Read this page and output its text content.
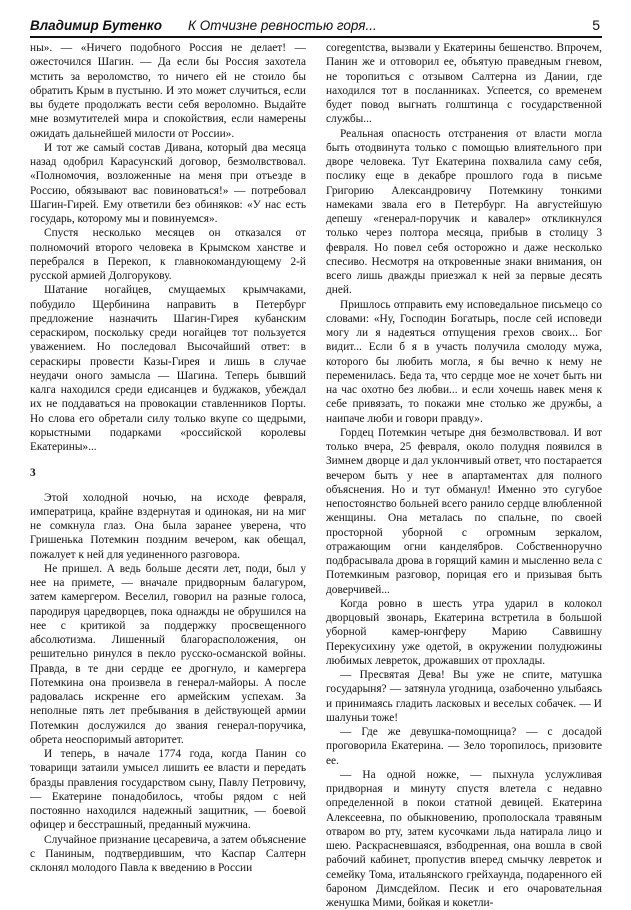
Владимир Бутенко К Отчизне ревностью горя...	5

ны». — «Ничего подобного Россия не делает! — ожесточился Шагин. — Да если бы Россия захотела мстить за вероломство, то ничего ей не стоило бы обратить Крым в пустыню. И это может случиться, если вы будете продолжать вести себя вероломно. Выдайте мне возмутителей мира и спокойствия, если намерены ожидать дальнейшей милости от России».

И тот же самый состав Дивана, который два месяца назад одобрил Карасунский договор, безмолвствовал. «Полномочия, возложенные на меня при отъезде в Россию, обязывают вас повиноваться!» — потребовал Шагин-Гирей. Ему ответили без обиняков: «У нас есть государь, которому мы и повинуемся».

Спустя несколько месяцев он отказался от полномочий второго человека в Крымском ханстве и перебрался в Перекоп, к главнокомандующему 2-й русской армией Долгорукову.

Шатание ногайцев, смущаемых крымчаками, побудило Щербинина направить в Петербург предложение назначить Шагин-Гирея кубанским сераскиром, поскольку среди ногайцев тот пользуется уважением. Но последовал Высочайший ответ: в сераскиры провести Казы-Гирея и лишь в случае неудачи оного замысла — Шагина. Теперь бывший калга находился среди едисанцев и буджаков, убеждал их не поддаваться на провокации ставленников Порты. Но слова его обретали силу только вкупе со щедрыми, корыстными подарками «российской королевы Екатерины»...

3

Этой холодной ночью, на исходе февраля, императрица, крайне вздернутая и одинокая, ни на миг не сомкнула глаз. Она была заранее уверена, что Гришенька Потемкин поздним вечером, как обещал, пожалует к ней для уединенного разговора.

Не пришел. А ведь больше десяти лет, поди, был у нее на примете, — вначале придворным балагуром, затем камергером. Веселил, говорил на разные голоса, пародируя царедворцев, пока однажды не обрушился на нее с критикой за поддержку просвещенного абсолютизма. Лишенный благорасположения, он решительно ринулся в пекло русско-османской войны. Правда, в те дни сердце ее дрогнуло, и камергера Потемкина она произвела в генерал-майоры. А после радовалась искренне его армейским успехам. За неполные пять лет пребывания в действующей армии Потемкин дослужился до звания генерал-поручика, обрета неоспоримый авторитет.

И теперь, в начале 1774 года, когда Панин со товарищи затаили умысел лишить ее власти и передать бразды правления государством сыну, Павлу Петровичу, — Екатерине понадобилось, чтобы рядом с ней постоянно находился надежный защитник, — боевой офицер и бесстрашный, преданный мужчина.

Случайное признание цесаревича, а затем объяснение с Паниным, подтвердившим, что Каспар Салтерн склонял молодого Павла к введению в России

соregentства, вызвали у Екатерины бешенство. Впрочем, Панин же и отговорил ее, объятую праведным гневом, не торопиться с отзывом Салтерна из Дании, где находился тот в посланниках. Успеется, со временем будет повод выгнать голштинца с государственной службы...

Реальная опасность отстранения от власти могла быть отодвинута только с помощью влиятельного при дворе человека. Тут Екатерина похвалила саму себя, послику еще в декабре прошлого года в письме Григорию Александровичу Потемкину тонкими намеками звала его в Петербург. На августейшую депешу «генерал-поручик и кавалер» откликнулся только через полтора месяца, прибыв в столицу 3 февраля. Но повел себя осторожно и даже несколько спесиво. Несмотря на откровенные знаки внимания, он всего лишь дважды приезжал к ней за первые десять дней.

Пришлось отправить ему исповедальное письмецо со словами: «Ну, Господин Богатырь, после сей исповеди могу ли я надеяться отпущения грехов своих... Бог видит... Если б я в участь получила смолоду мужа, которого бы любить могла, я бы вечно к нему не переменилась. Беда та, что сердце мое не хочет быть ни на час охотно без любви... и если хочешь навек меня к себе привязать, то покажи мне столько же дружбы, а наипаче люби и говори правду».

Гордец Потемкин четыре дня безмолвствовал. И вот только вчера, 25 февраля, около полудня появился в Зимнем дворце и дал уклончивый ответ, что постарается вечером быть у нее в апартаментах для полного объяснения. Но и тут обманул! Именно это сугубое непостоянство больней всего ранило сердце влюбленной женщины. Она металась по спальне, по своей просторной уборной с огромным зеркалом, отражающим огни канделябров. Собственноручно подбрасывала дрова в горящий камин и мысленно вела с Потемкиным разговор, порицая его и призывая быть доверчивей...

Когда ровно в шесть утра ударил в колокол дворцовый звонарь, Екатерина встретила в большой уборной камер-юнгферу Марию Саввишну Перекусихину уже одетой, в окружении полудюжины любимых левреток, дрожавших от прохлады.

— Пресвятая Дева! Вы уже не спите, матушка государыня? — затянула угодница, озабоченно улыбаясь и принимаясь гладить ласковых и веселых собачек. — И шалуньи тоже!

— Где же девушка-помощница? — с досадой проговорила Екатерина. — Зело торопилось, призовите ее.

— На одной ножке, — пыхнула услужливая придворная и минуту спустя влетела с недавно определенной в покои статной девицей. Екатерина Алексеевна, по обыкновению, прополоскала травяным отваром во рту, затем кусочками льда натирала лицо и шею. Раскрасневшаяся, взбодренная, она вошла в свой рабочий кабинет, пропустив вперед смычку левреток и семейку Тома, итальянского грейхаунда, подаренного ей бароном Димсдейлом. Песик и его очаровательная женушка Мими, бойкая и кокетли-
